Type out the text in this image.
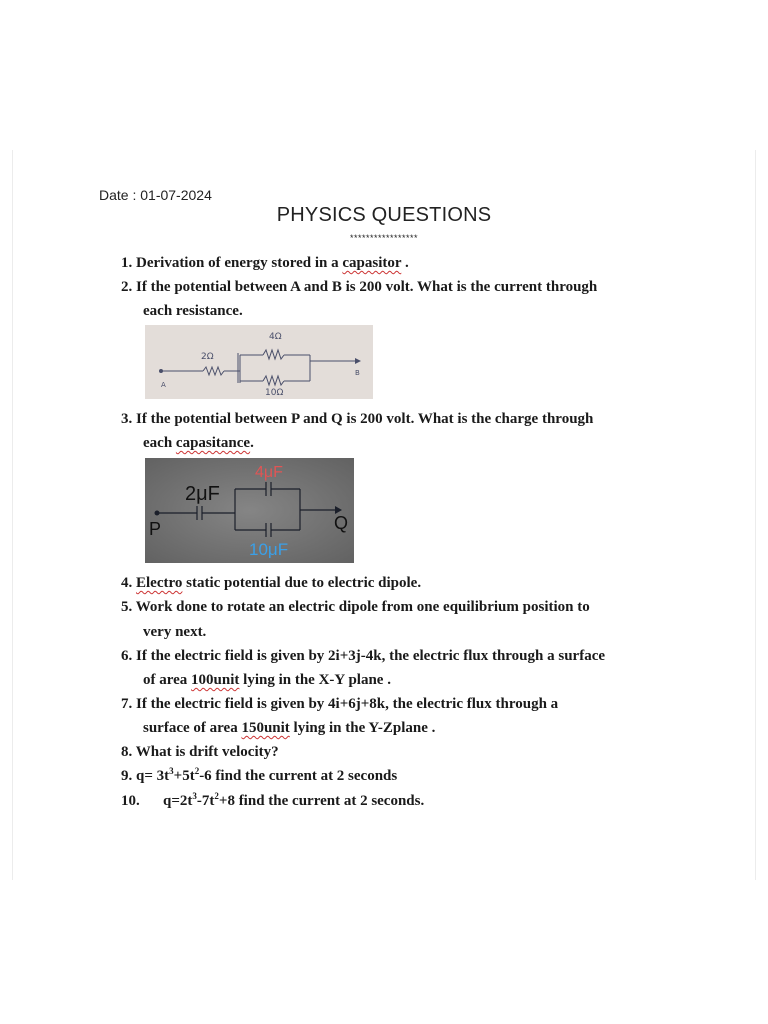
Date : 01-07-2024
PHYSICS QUESTIONS
*****************
1. Derivation of energy stored in a capasitor .
2. If the potential between A and B is 200 volt. What is the current through
each resistance.
4Ω
2Ω
10Ω
A
B
3. If the potential between P and Q is 200 volt. What is the charge through
each capasitance.
2μF
4μF
10μF
P	Q
4. Electro static potential due to electric dipole.
5. Work done to rotate an electric dipole from one equilibrium position to
very next.
6. If the electric field is given by 2i+3j-4k, the electric flux through a surface
of area 100unit lying in the X-Y plane .
7. If the electric field is given by 4i+6j+8k, the electric flux through a
surface of area 150unit lying in the Y-Zplane .
8. What is drift velocity?
9. $q= 3t^3+5t^2-6$ find the current at 2 seconds
10. $q=2t^3-7t^2+8$ find the current at 2 seconds.
